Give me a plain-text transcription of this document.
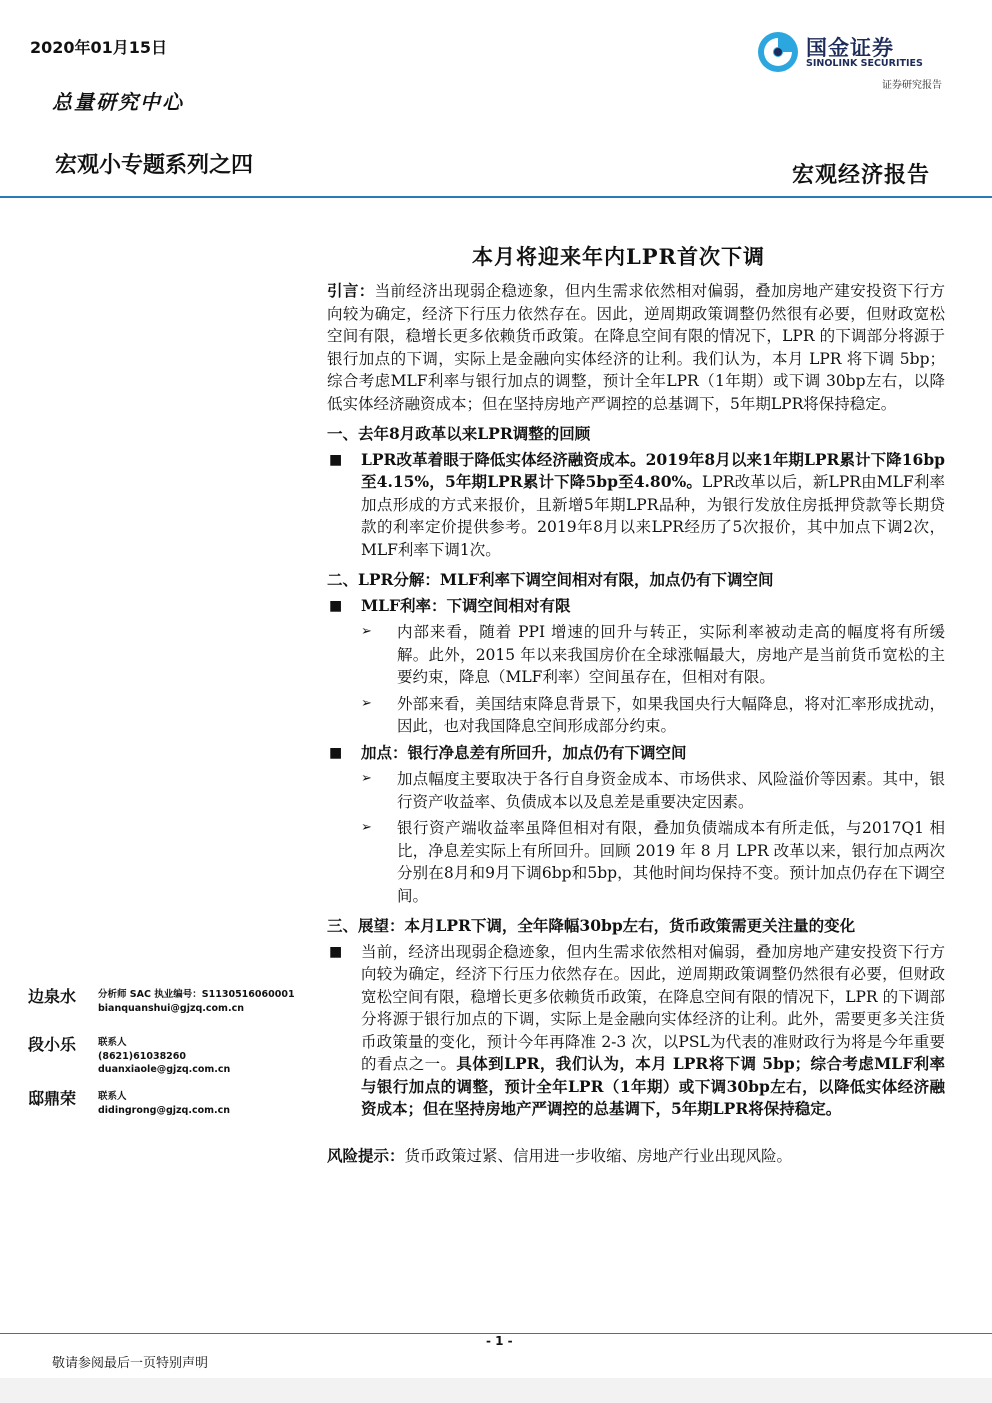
2020年01月15日
总量研究中心
宏观小专题系列之四	宏观经济报告
国金证券
SINOLINK SECURITIES
证券研究报告
本月将迎来年内LPR首次下调

引言：当前经济出现弱企稳迹象，但内生需求依然相对偏弱，叠加房地产建安投资下行方向较为确定，经济下行压力依然存在。因此，逆周期政策调整仍然很有必要，但财政宽松空间有限，稳增长更多依赖货币政策。在降息空间有限的情况下，LPR 的下调部分将源于银行加点的下调，实际上是金融向实体经济的让利。我们认为，本月 LPR 将下调 5bp；综合考虑MLF利率与银行加点的调整，预计全年LPR（1年期）或下调 30bp左右，以降低实体经济融资成本；但在坚持房地产严调控的总基调下，5年期LPR将保持稳定。

一、去年8月政革以来LPR调整的回顾

■ LPR改革着眼于降低实体经济融资成本。2019年8月以来1年期LPR累计下降16bp至4.15%，5年期LPR累计下降5bp至4.80%。LPR改革以后，新LPR由MLF利率加点形成的方式来报价，且新增5年期LPR品种，为银行发放住房抵押贷款等长期贷款的利率定价提供参考。2019年8月以来LPR经历了5次报价，其中加点下调2次，MLF利率下调1次。

二、LPR分解：MLF利率下调空间相对有限，加点仍有下调空间

■ MLF利率：下调空间相对有限
➢ 内部来看，随着 PPI 增速的回升与转正，实际利率被动走高的幅度将有所缓解。此外，2015 年以来我国房价在全球涨幅最大，房地产是当前货币宽松的主要约束，降息（MLF利率）空间虽存在，但相对有限。
➢ 外部来看，美国结束降息背景下，如果我国央行大幅降息，将对汇率形成扰动，因此，也对我国降息空间形成部分约束。
■ 加点：银行净息差有所回升，加点仍有下调空间
➢ 加点幅度主要取决于各行自身资金成本、市场供求、风险溢价等因素。其中，银行资产收益率、负债成本以及息差是重要决定因素。
➢ 银行资产端收益率虽降但相对有限，叠加负债端成本有所走低，与2017Q1 相比，净息差实际上有所回升。回顾 2019 年 8 月 LPR 改革以来，银行加点两次分别在8月和9月下调6bp和5bp，其他时间均保持不变。预计加点仍存在下调空间。

三、展望：本月LPR下调，全年降幅30bp左右，货币政策需更关注量的变化

■ 当前，经济出现弱企稳迹象，但内生需求依然相对偏弱，叠加房地产建安投资下行方向较为确定，经济下行压力依然存在。因此，逆周期政策调整仍然很有必要，但财政宽松空间有限，稳增长更多依赖货币政策，在降息空间有限的情况下，LPR 的下调部分将源于银行加点的下调，实际上是金融向实体经济的让利。此外，需要更多关注货币政策量的变化，预计今年再降准 2-3 次，以PSL为代表的准财政行为将是今年重要的看点之一。具体到LPR，我们认为，本月 LPR将下调 5bp；综合考虑MLF利率与银行加点的调整，预计全年LPR（1年期）或下调30bp左右，以降低实体经济融资成本；但在坚持房地产严调控的总基调下，5年期LPR将保持稳定。

风险提示：货币政策过紧、信用进一步收缩、房地产行业出现风险。

边泉水 分析师 SAC 执业编号：S1130516060001
bianquanshui@gjzq.com.cn
段小乐 联系人
(8621)61038260
duanxiaole@gjzq.com.cn
邸鼎荣 联系人
didingrong@gjzq.com.cn
- 1 -
敬请参阅最后一页特别声明
